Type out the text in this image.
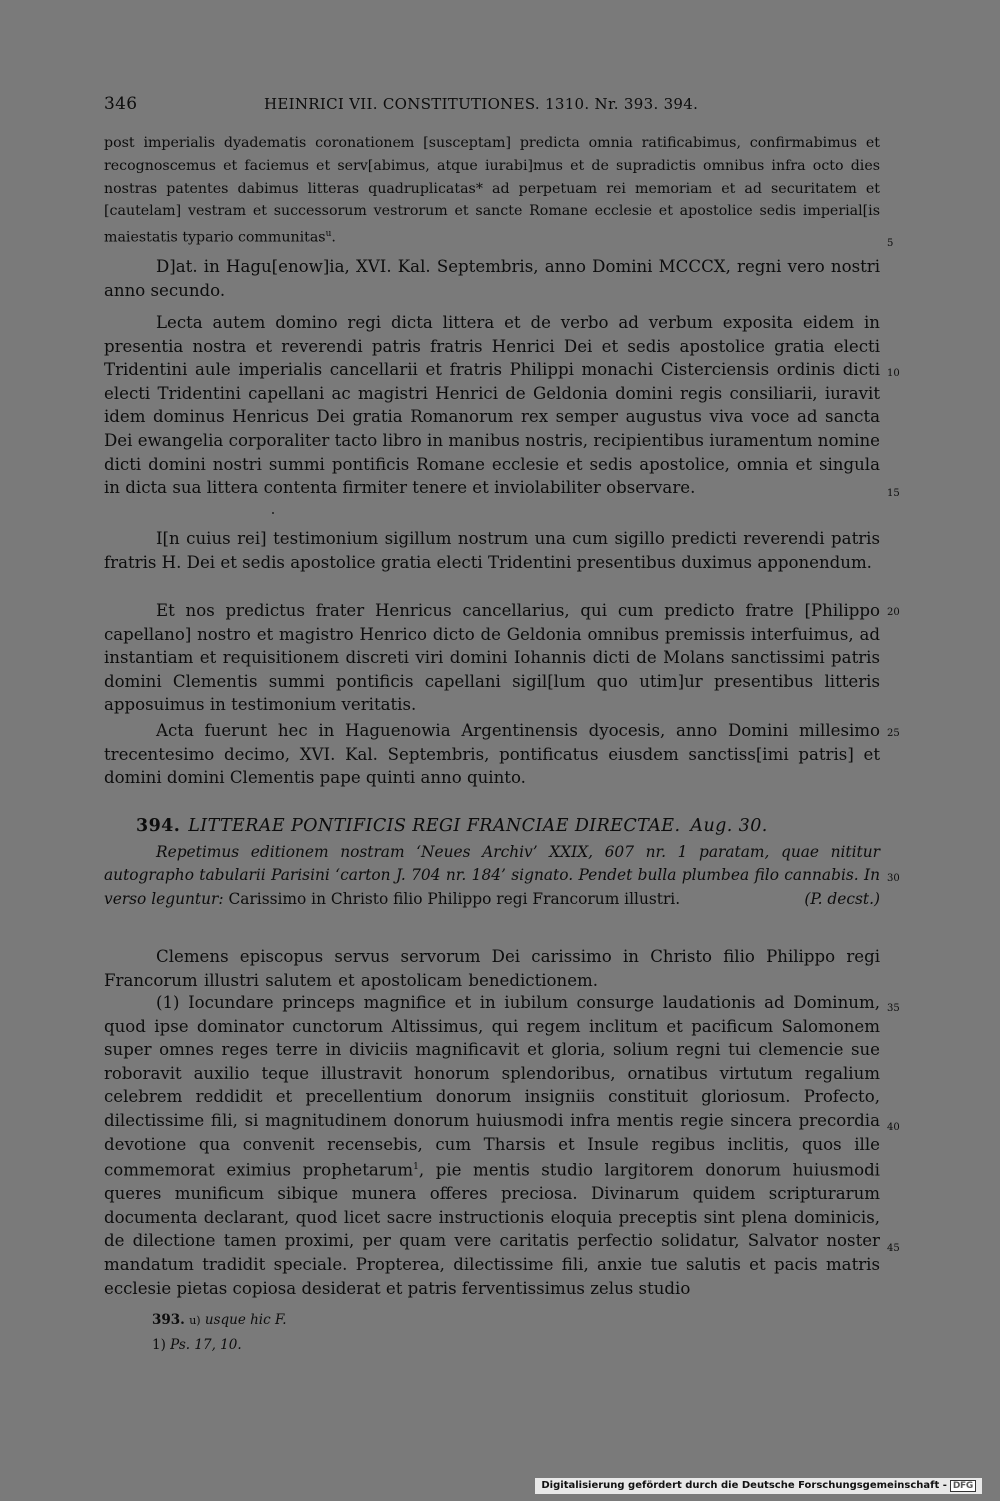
346	HEINRICI VII. CONSTITUTIONES. 1310. Nr. 393. 394.
post imperialis dyadematis coronationem [susceptam] predicta omnia ratificabimus, confirmabimus et recognoscemus et faciemus et serv[abimus, atque iurabi]mus et de supradictis omnibus infra octo dies nostras patentes dabimus litteras quadruplicatas* ad perpetuam rei memoriam et ad securitatem et [cautelam] vestram et successorum vestrorum et sancte Romane ecclesie et apostolice sedis imperial[is maiestatis typario communitas$^u$.
D]at. in Hagu[enow]ia, XVI. Kal. Septembris, anno Domini MCCCX, regni vero nostri anno secundo.
Lecta autem domino regi dicta littera et de verbo ad verbum exposita eidem in presentia nostra et reverendi patris fratris Henrici Dei et sedis apostolice gratia electi Tridentini aule imperialis cancellarii et fratris Philippi monachi Cisterciensis ordinis dicti electi Tridentini capellani ac magistri Henrici de Geldonia domini regis consiliarii, iuravit idem dominus Henricus Dei gratia Romanorum rex semper augustus viva voce ad sancta Dei ewangelia corporaliter tacto libro in manibus nostris, recipientibus iuramentum nomine dicti domini nostri summi pontificis Romane ecclesie et sedis apostolice, omnia et singula in dicta sua littera contenta firmiter tenere et inviolabiliter observare.
I[n cuius rei] testimonium sigillum nostrum una cum sigillo predicti reverendi patris fratris H. Dei et sedis apostolice gratia electi Tridentini presentibus duximus apponendum.
Et nos predictus frater Henricus cancellarius, qui cum predicto fratre [Philippo capellano] nostro et magistro Henrico dicto de Geldonia omnibus premissis interfuimus, ad instantiam et requisitionem discreti viri domini Iohannis dicti de Molans sanctissimi patris domini Clementis summi pontificis capellani sigil[lum quo utim]ur presentibus litteris apposuimus in testimonium veritatis.
Acta fuerunt hec in Haguenowia Argentinensis dyocesis, anno Domini millesimo trecentesimo decimo, XVI. Kal. Septembris, pontificatus eiusdem sanctiss[imi patris] et domini domini Clementis pape quinti anno quinto.
394. LITTERAE PONTIFICIS REGI FRANCIAE DIRECTAE. Aug. 30.
Repetimus editionem nostram ‘Neues Archiv’ XXIX, 607 nr. 1 paratam, quae nititur autographo tabularii Parisini ‘carton J. 704 nr. 184’ signato. Pendet bulla plumbea filo cannabis. In verso leguntur: Carissimo in Christo filio Philippo regi Francorum illustri.	(P. decst.)
Clemens episcopus servus servorum Dei carissimo in Christo filio Philippo regi Francorum illustri salutem et apostolicam benedictionem.
(1) Iocundare princeps magnifice et in iubilum consurge laudationis ad Dominum, quod ipse dominator cunctorum Altissimus, qui regem inclitum et pacificum Salomonem super omnes reges terre in diviciis magnificavit et gloria, solium regni tui clemencie sue roboravit auxilio teque illustravit honorum splendoribus, ornatibus virtutum regalium celebrem reddidit et precellentium donorum insigniis constituit gloriosum. Profecto, dilectissime fili, si magnitudinem donorum huiusmodi infra mentis regie sincera precordia devotione qua convenit recensebis, cum Tharsis et Insule regibus inclitis, quos ille commemorat eximius prophetarum$^1$, pie mentis studio largitorem donorum huiusmodi queres munificum sibique munera offeres preciosa. Divinarum quidem scripturarum documenta declarant, quod licet sacre instructionis eloquia preceptis sint plena dominicis, de dilectione tamen proximi, per quam vere caritatis perfectio solidatur, Salvator noster mandatum tradidit speciale. Propterea, dilectissime fili, anxie tue salutis et pacis matris ecclesie pietas copiosa desiderat et patris ferventissimus zelus studio
393. u) usque hic F.
1) Ps. 17, 10.
5
10
15
20
25
30
35
40
45
Digitalisierung gefördert durch die Deutsche Forschungsgemeinschaft - DFG
